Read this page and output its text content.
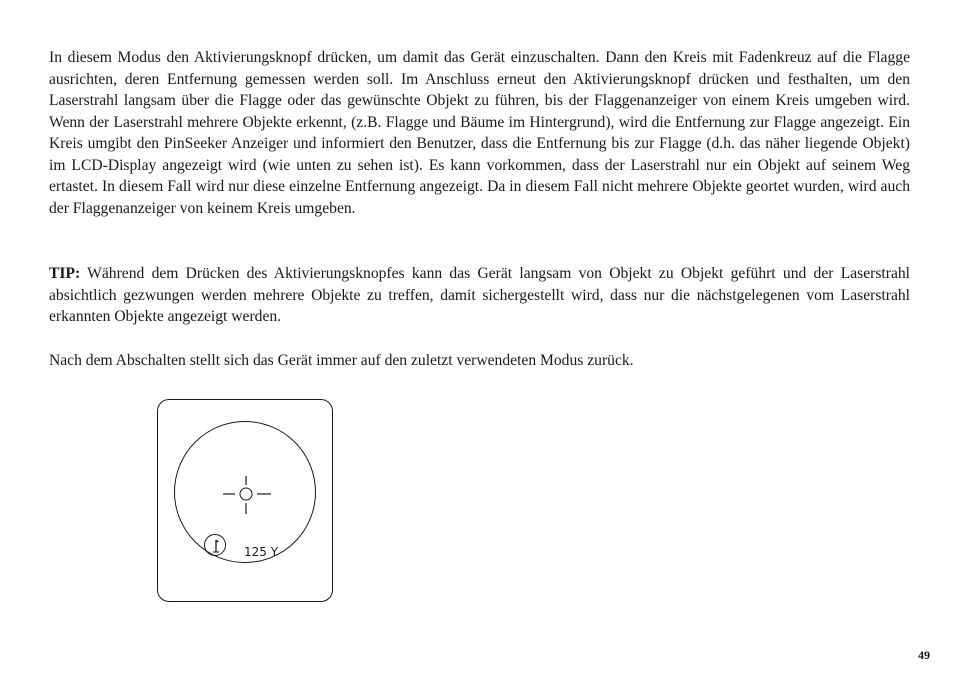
In diesem Modus den Aktivierungsknopf drücken, um damit das Gerät einzuschalten. Dann den Kreis mit Fadenkreuz auf die Flagge ausrichten, deren Entfernung gemessen werden soll. Im Anschluss erneut den Aktivierungsknopf drücken und festhalten, um den Laserstrahl langsam über die Flagge oder das gewünschte Objekt zu führen, bis der Flaggenanzeiger von einem Kreis umgeben wird. Wenn der Laserstrahl mehrere Objekte erkennt, (z.B. Flagge und Bäume im Hintergrund), wird die Entfernung zur Flagge angezeigt. Ein Kreis umgibt den PinSeeker Anzeiger und informiert den Benutzer, dass die Entfernung bis zur Flagge (d.h. das näher liegende Objekt) im LCD-Display angezeigt wird (wie unten zu sehen ist). Es kann vorkommen, dass der Laserstrahl nur ein Objekt auf seinem Weg ertastet. In diesem Fall wird nur diese einzelne Entfernung angezeigt. Da in diesem Fall nicht mehrere Objekte geortet wurden, wird auch der Flaggenanzeiger von keinem Kreis umgeben.

TIP: Während dem Drücken des Aktivierungsknopfes kann das Gerät langsam von Objekt zu Objekt geführt und der Laserstrahl absichtlich gezwungen werden mehrere Objekte zu treffen, damit sichergestellt wird, dass nur die nächstgelegenen vom Laserstrahl erkannten Objekte angezeigt werden.

Nach dem Abschalten stellt sich das Gerät immer auf den zuletzt verwendeten Modus zurück.

125 Y
49
